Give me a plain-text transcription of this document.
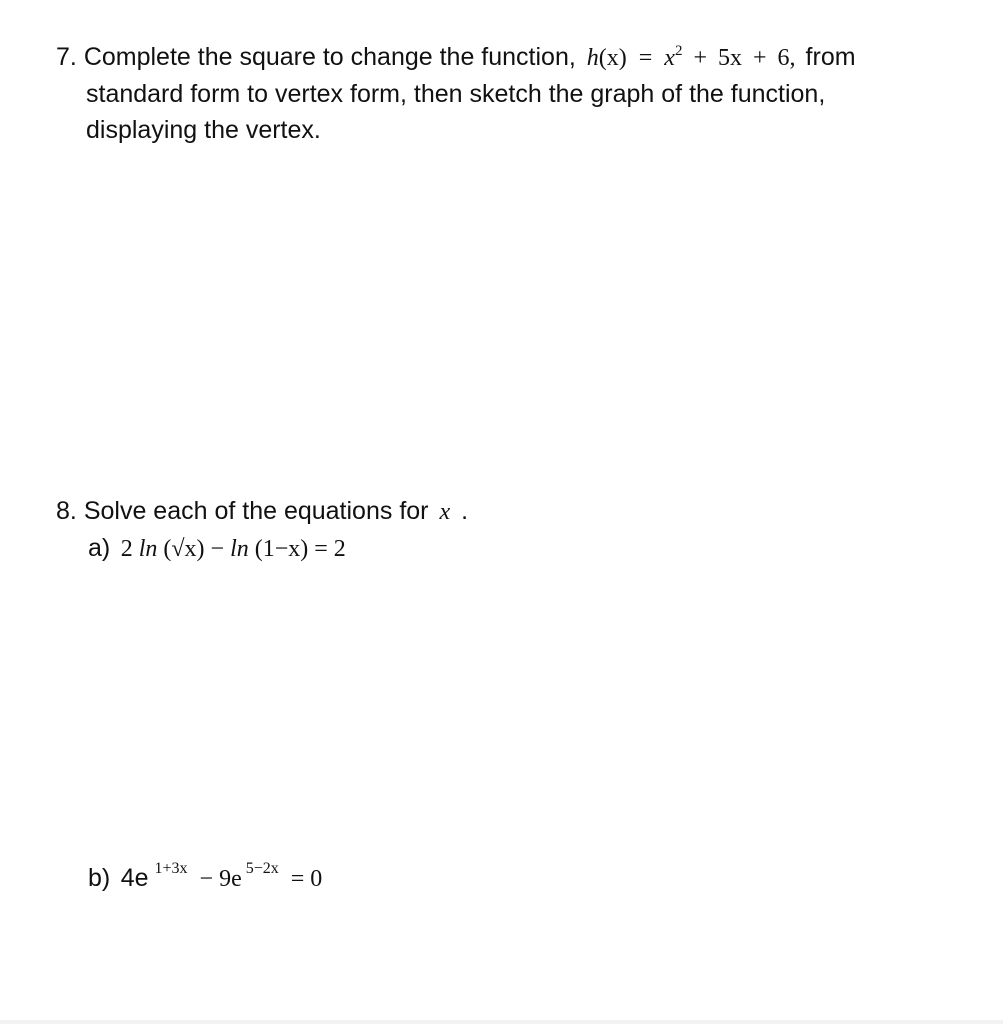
7. Complete the square to change the function, $h(x) = x^2 + 5x + 6$, from
standard form to vertex form, then sketch the graph of the function,
displaying the vertex.
8. Solve each of the equations for x .
a) 2 ln (√x) − ln (1−x) = 2
b) 4e $^{1+3x}$ − 9e $^{5-2x}$ = 0
